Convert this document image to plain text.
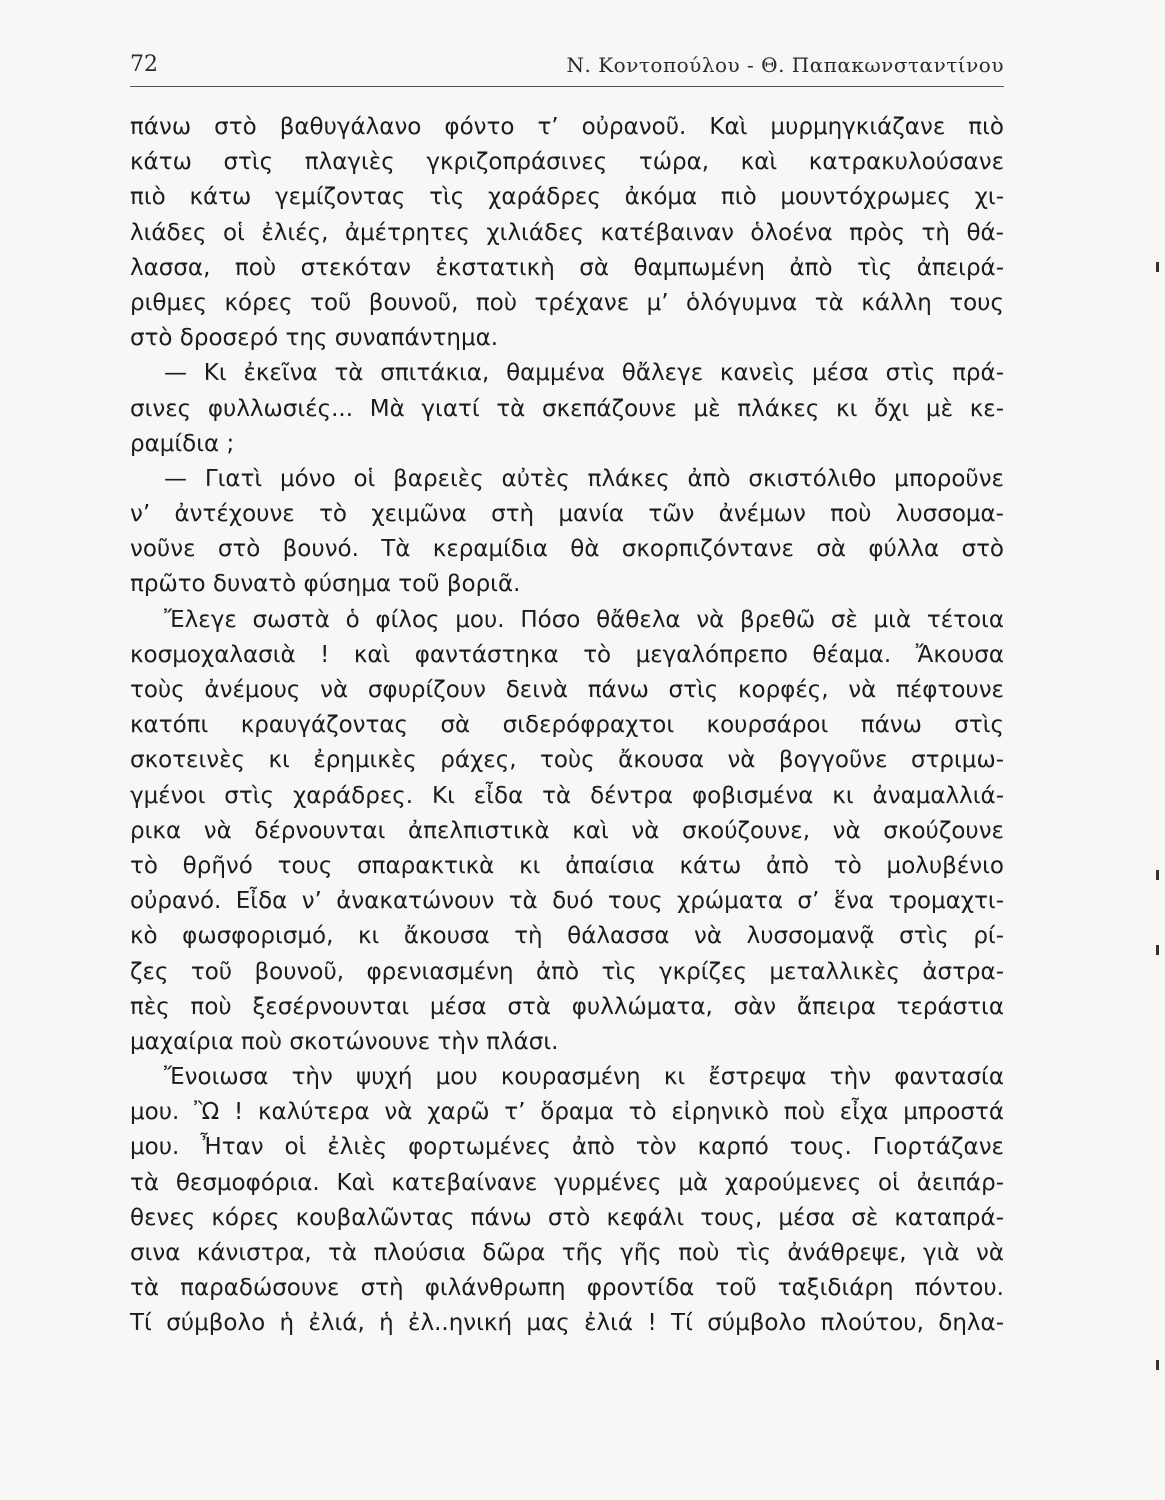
72	Ν. Κοντοπούλου - Θ. Παπακωνσταντίνου
πάνω στὸ βαθυγάλανο φόντο τ’ οὐρανοῦ. Καὶ μυρμηγκιάζανε πιὸ
κάτω στὶς πλαγιὲς γκριζοπράσινες τώρα, καὶ κατρακυλούσανε
πιὸ κάτω γεμίζοντας τὶς χαράδρες ἀκόμα πιὸ μουντόχρωμες χι-
λιάδες οἱ ἐλιές, ἀμέτρητες χιλιάδες κατέβαιναν ὁλοένα πρὸς τὴ θά-
λασσα, ποὺ στεκόταν ἐκστατικὴ σὰ θαμπωμένη ἀπὸ τὶς ἀπειρά-
ριθμες κόρες τοῦ βουνοῦ, ποὺ τρέχανε μ’ ὁλόγυμνα τὰ κάλλη τους
στὸ δροσερό της συναπάντημα.
— Κι ἐκεῖνα τὰ σπιτάκια, θαμμένα θἄλεγε κανεὶς μέσα στὶς πρά-
σινες φυλλωσιές... Μὰ γιατί τὰ σκεπάζουνε μὲ πλάκες κι ὄχι μὲ κε-
ραμίδια ;
— Γιατὶ μόνο οἱ βαρειὲς αὐτὲς πλάκες ἀπὸ σκιστόλιθο μποροῦνε
ν’ ἀντέχουνε τὸ χειμῶνα στὴ μανία τῶν ἀνέμων ποὺ λυσσομα-
νοῦνε στὸ βουνό. Τὰ κεραμίδια θὰ σκορπιζόντανε σὰ φύλλα στὸ
πρῶτο δυνατὸ φύσημα τοῦ βοριᾶ.
Ἔλεγε σωστὰ ὁ φίλος μου. Πόσο θἄθελα νὰ βρεθῶ σὲ μιὰ τέτοια
κοσμοχαλασιὰ ! καὶ φαντάστηκα τὸ μεγαλόπρεπο θέαμα. Ἄκουσα
τοὺς ἀνέμους νὰ σφυρίζουν δεινὰ πάνω στὶς κορφές, νὰ πέφτουνε
κατόπι κραυγάζοντας σὰ σιδερόφραχτοι κουρσάροι πάνω στὶς
σκοτεινὲς κι ἐρημικὲς ράχες, τοὺς ἄκουσα νὰ βογγοῦνε στριμω-
γμένοι στὶς χαράδρες. Κι εἶδα τὰ δέντρα φοβισμένα κι ἀναμαλλιά-
ρικα νὰ δέρνουνται ἀπελπιστικὰ καὶ νὰ σκούζουνε, νὰ σκούζουνε
τὸ θρῆνό τους σπαρακτικὰ κι ἀπαίσια κάτω ἀπὸ τὸ μολυβένιο
οὐρανό. Εἶδα ν’ ἀνακατώνουν τὰ δυό τους χρώματα σ’ ἕνα τρομαχτι-
κὸ φωσφορισμό, κι ἄκουσα τὴ θάλασσα νὰ λυσσομανᾷ στὶς ρί-
ζες τοῦ βουνοῦ, φρενιασμένη ἀπὸ τὶς γκρίζες μεταλλικὲς ἀστρα-
πὲς ποὺ ξεσέρνουνται μέσα στὰ φυλλώματα, σὰν ἄπειρα τεράστια
μαχαίρια ποὺ σκοτώνουνε τὴν πλάσι.
Ἔνοιωσα τὴν ψυχή μου κουρασμένη κι ἔστρεψα τὴν φαντασία
μου. Ὢ ! καλύτερα νὰ χαρῶ τ’ ὅραμα τὸ εἰρηνικὸ ποὺ εἶχα μπροστά
μου. Ἦταν οἱ ἐλιὲς φορτωμένες ἀπὸ τὸν καρπό τους. Γιορτάζανε
τὰ θεσμοφόρια. Καὶ κατεβαίνανε γυρμένες μὰ χαρούμενες οἱ ἀειπάρ-
θενες κόρες κουβαλῶντας πάνω στὸ κεφάλι τους, μέσα σὲ καταπρά-
σινα κάνιστρα, τὰ πλούσια δῶρα τῆς γῆς ποὺ τὶς ἀνάθρεψε, γιὰ νὰ
τὰ παραδώσουνε στὴ φιλάνθρωπη φροντίδα τοῦ ταξιδιάρη πόντου.
Τί σύμβολο ἡ ἐλιά, ἡ ἐλ..ηνική μας ἐλιά ! Τί σύμβολο πλούτου, δηλα-
